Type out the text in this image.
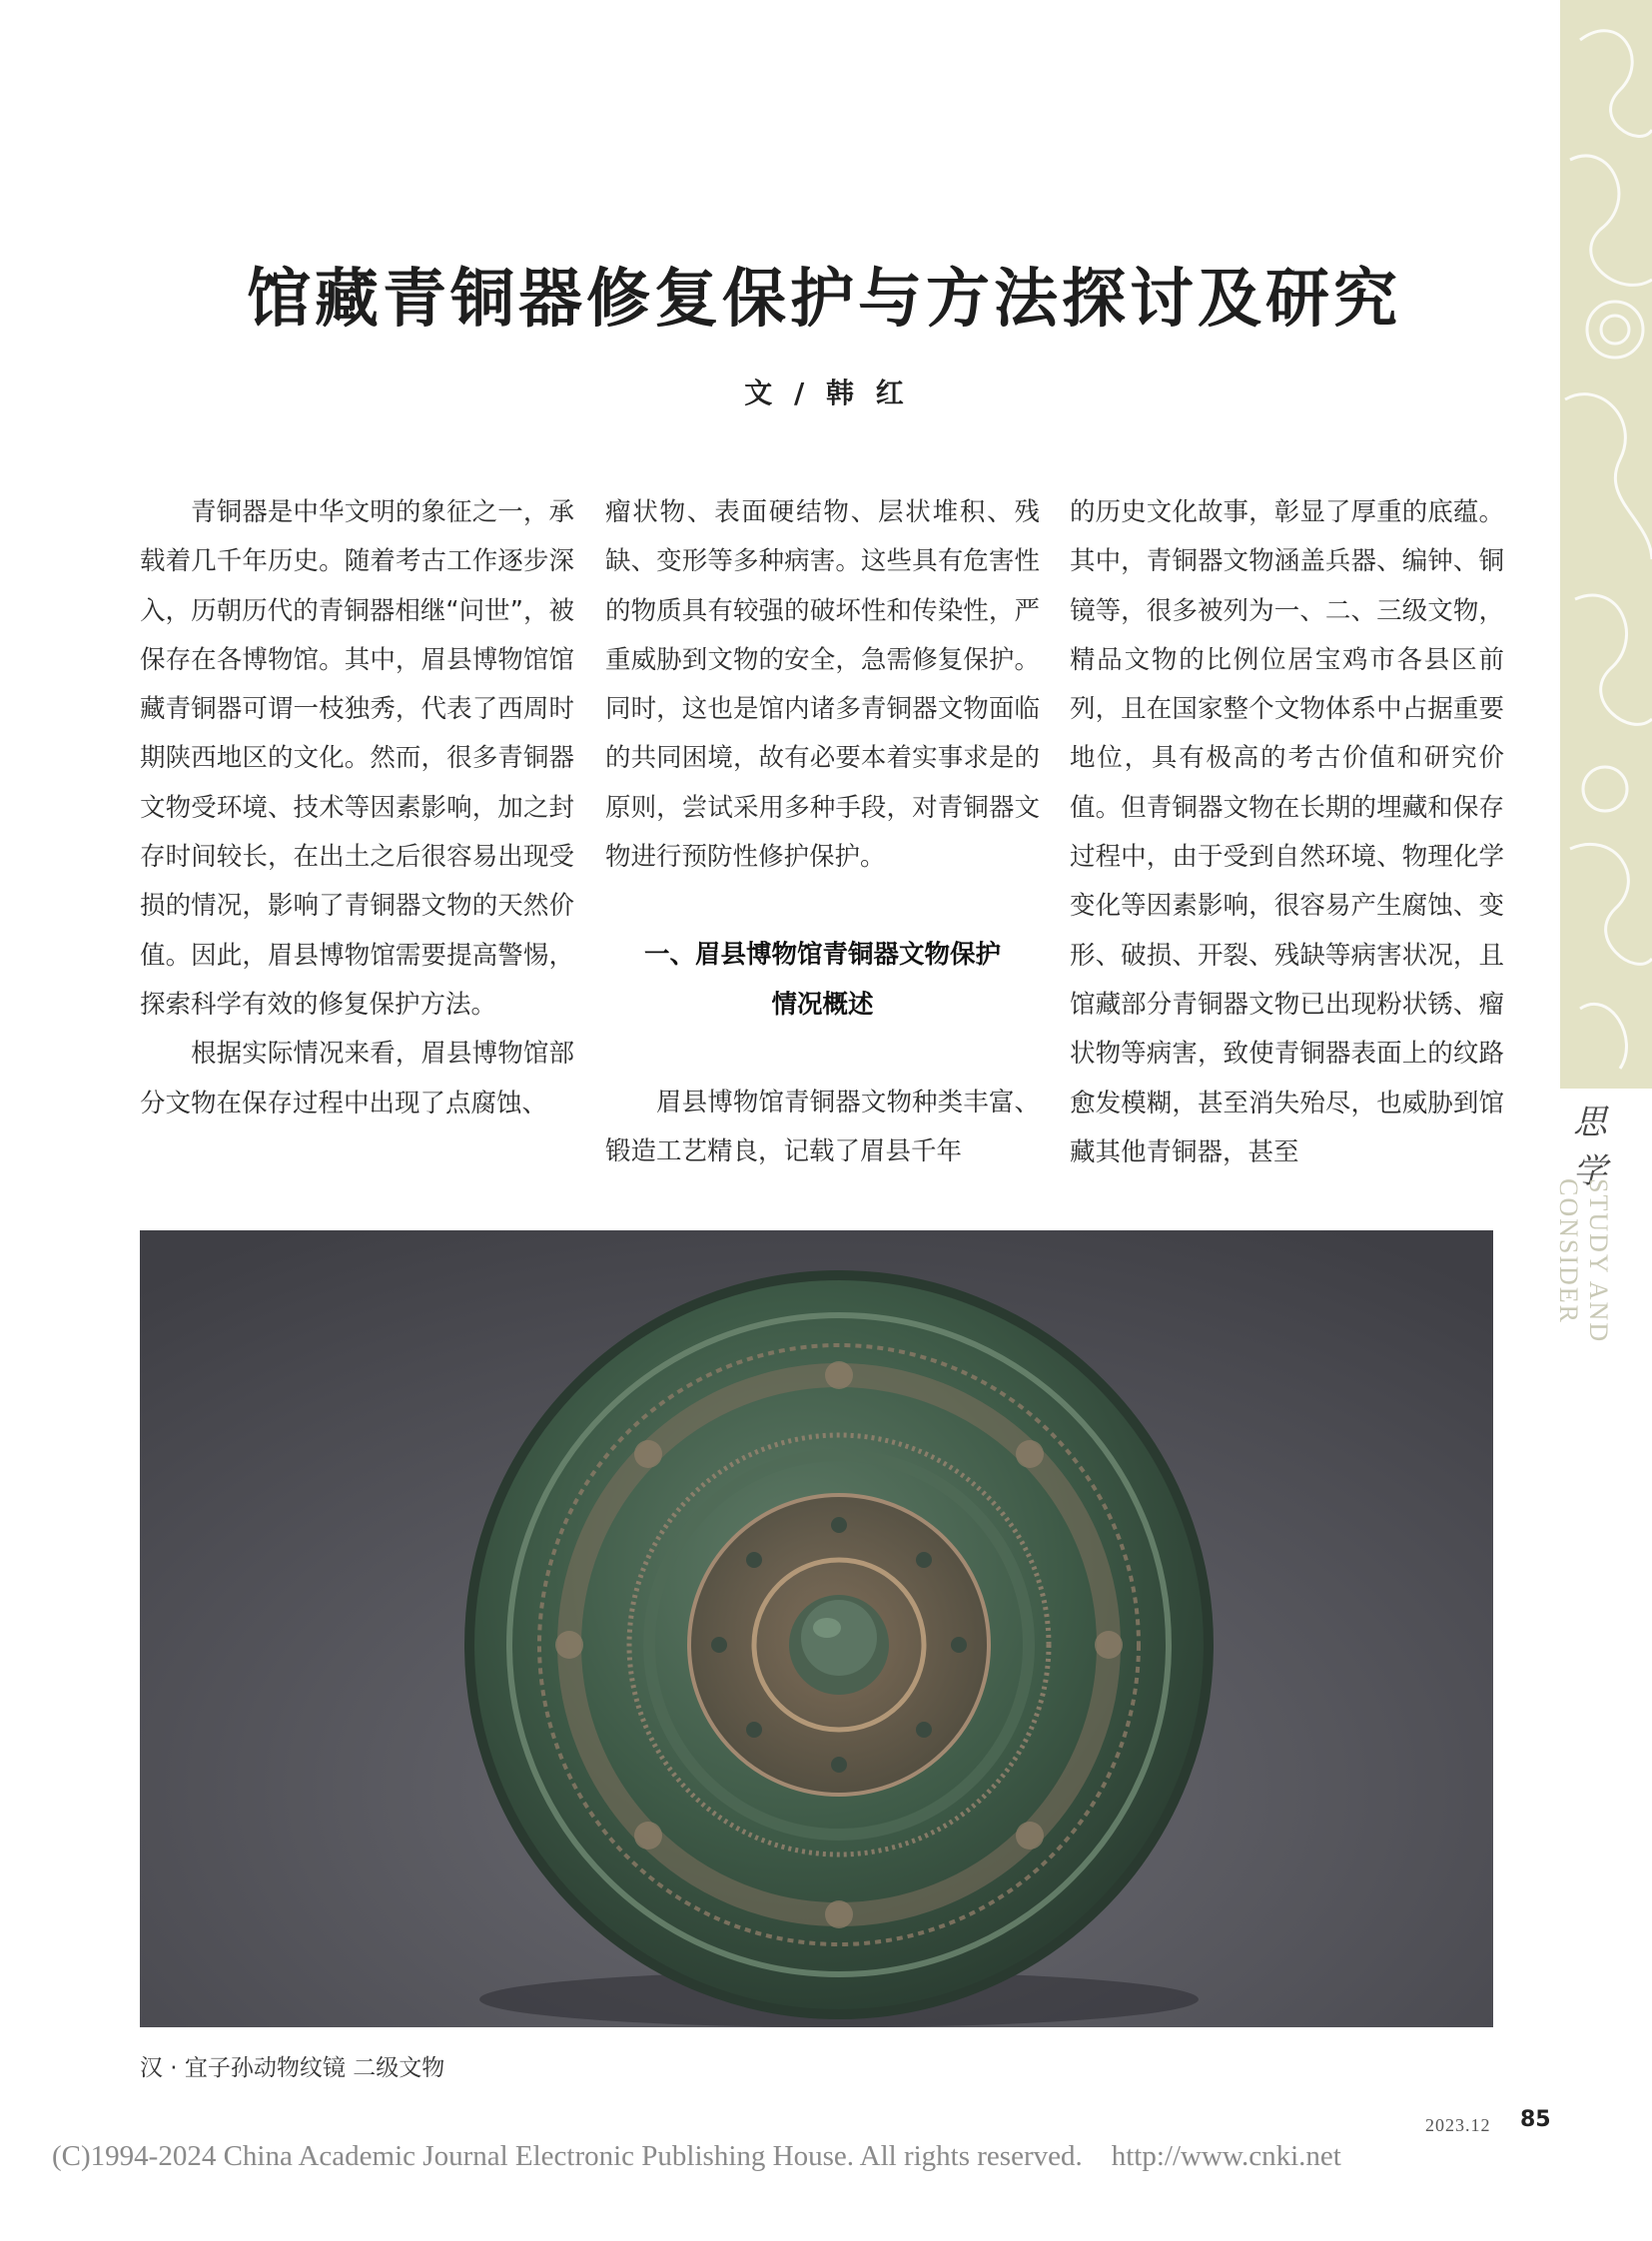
思学
STUDY AND CONSIDER
馆藏青铜器修复保护与方法探讨及研究
文 / 韩 红

青铜器是中华文明的象征之一，承载着几千年历史。随着考古工作逐步深入，历朝历代的青铜器相继“问世”，被保存在各博物馆。其中，眉县博物馆馆藏青铜器可谓一枝独秀，代表了西周时期陕西地区的文化。然而，很多青铜器文物受环境、技术等因素影响，加之封存时间较长，在出土之后很容易出现受损的情况，影响了青铜器文物的天然价值。因此，眉县博物馆需要提高警惕，探索科学有效的修复保护方法。

根据实际情况来看，眉县博物馆部分文物在保存过程中出现了点腐蚀、

瘤状物、表面硬结物、层状堆积、残缺、变形等多种病害。这些具有危害性的物质具有较强的破坏性和传染性，严重威胁到文物的安全，急需修复保护。同时，这也是馆内诸多青铜器文物面临的共同困境，故有必要本着实事求是的原则，尝试采用多种手段，对青铜器文物进行预防性修护保护。

一、眉县博物馆青铜器文物保护
情况概述

眉县博物馆青铜器文物种类丰富、锻造工艺精良，记载了眉县千年

的历史文化故事，彰显了厚重的底蕴。其中，青铜器文物涵盖兵器、编钟、铜镜等，很多被列为一、二、三级文物，精品文物的比例位居宝鸡市各县区前列，且在国家整个文物体系中占据重要地位，具有极高的考古价值和研究价值。但青铜器文物在长期的埋藏和保存过程中，由于受到自然环境、物理化学变化等因素影响，很容易产生腐蚀、变形、破损、开裂、残缺等病害状况，且馆藏部分青铜器文物已出现粉状锈、瘤状物等病害，致使青铜器表面上的纹路愈发模糊，甚至消失殆尽，也威胁到馆藏其他青铜器，甚至

汉 · 宜子孙动物纹镜 二级文物
2023.12 85
(C)1994-2024 China Academic Journal Electronic Publishing House. All rights reserved.    http://www.cnki.net
